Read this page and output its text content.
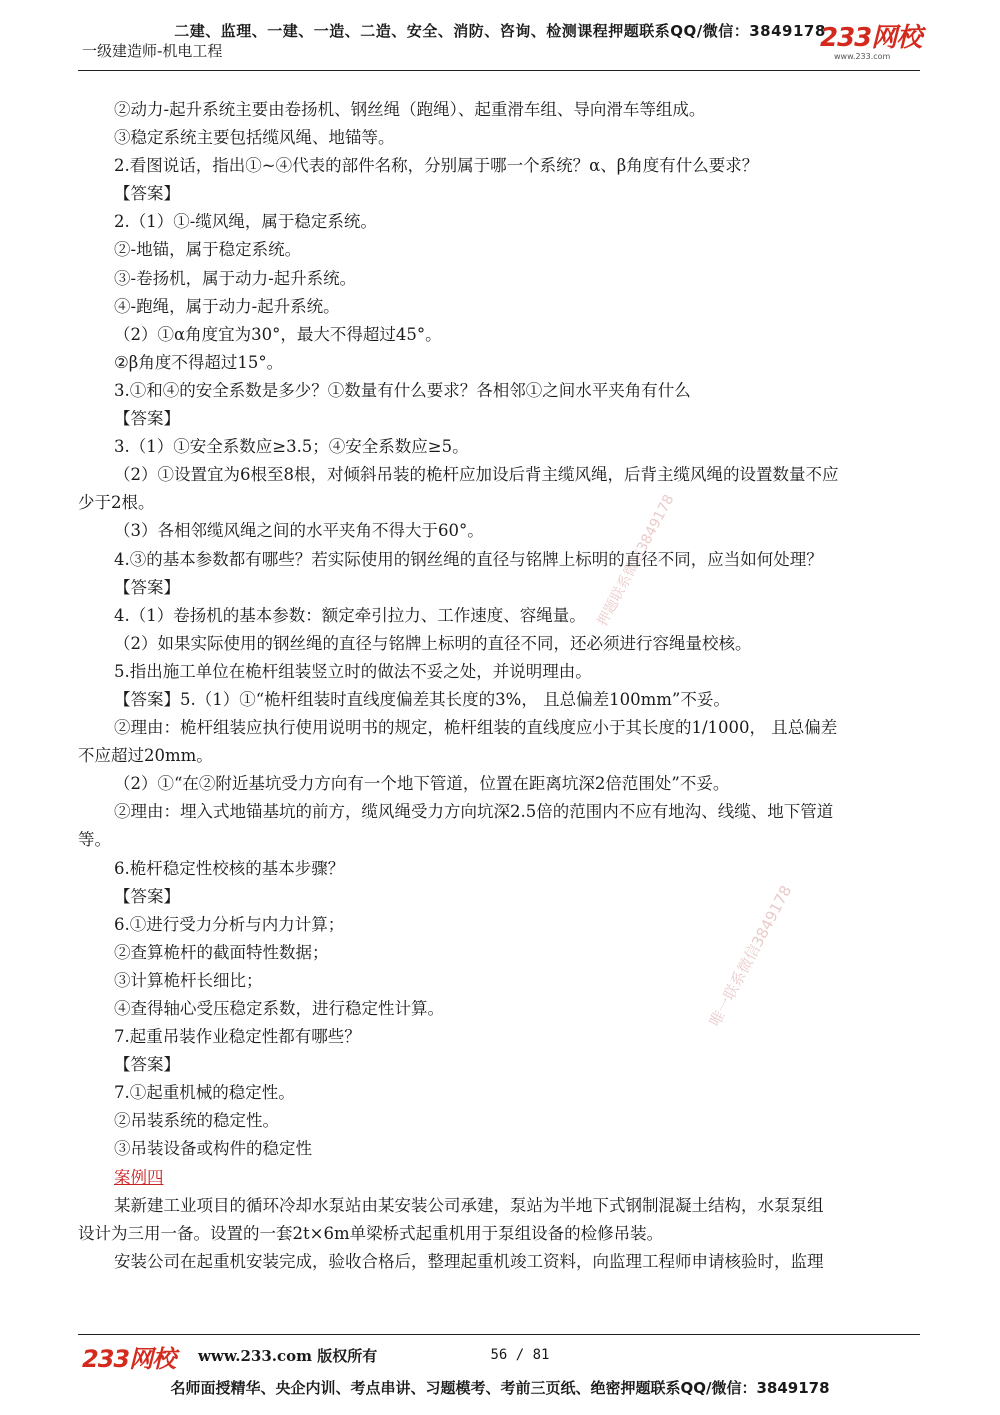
二建、监理、一建、一造、二造、安全、消防、咨询、检测课程押题联系QQ/微信：3849178
一级建造师-机电工程	233网校
www.233.com
押题联系微信3849178
唯一联系微信3849178
②动力-起升系统主要由卷扬机、钢丝绳（跑绳）、起重滑车组、导向滑车等组成。
③稳定系统主要包括缆风绳、地锚等。
2.看图说话，指出①~④代表的部件名称，分别属于哪一个系统？α、β角度有什么要求？
【答案】
2.（1）①-缆风绳，属于稳定系统。
②-地锚，属于稳定系统。
③-卷扬机，属于动力-起升系统。
④-跑绳，属于动力-起升系统。
（2）①α角度宜为30°，最大不得超过45°。
②β角度不得超过15°。
3.①和④的安全系数是多少？①数量有什么要求？各相邻①之间水平夹角有什么
【答案】
3.（1）①安全系数应≥3.5；④安全系数应≥5。
（2）①设置宜为6根至8根，对倾斜吊装的桅杆应加设后背主缆风绳，后背主缆风绳的设置数量不应
少于2根。
（3）各相邻缆风绳之间的水平夹角不得大于60°。
4.③的基本参数都有哪些？若实际使用的钢丝绳的直径与铭牌上标明的直径不同，应当如何处理？
【答案】
4.（1）卷扬机的基本参数：额定牵引拉力、工作速度、容绳量。
（2）如果实际使用的钢丝绳的直径与铭牌上标明的直径不同，还必须进行容绳量校核。
5.指出施工单位在桅杆组装竖立时的做法不妥之处，并说明理由。
【答案】5.（1）①“桅杆组装时直线度偏差其长度的3%， 且总偏差100mm”不妥。
②理由：桅杆组装应执行使用说明书的规定，桅杆组装的直线度应小于其长度的1/1000， 且总偏差
不应超过20mm。
（2）①“在②附近基坑受力方向有一个地下管道，位置在距离坑深2倍范围处”不妥。
②理由：埋入式地锚基坑的前方，缆风绳受力方向坑深2.5倍的范围内不应有地沟、线缆、地下管道
等。
6.桅杆稳定性校核的基本步骤？
【答案】
6.①进行受力分析与内力计算；
②查算桅杆的截面特性数据；
③计算桅杆长细比；
④查得轴心受压稳定系数，进行稳定性计算。
7.起重吊装作业稳定性都有哪些？
【答案】
7.①起重机械的稳定性。
②吊装系统的稳定性。
③吊装设备或构件的稳定性
案例四
某新建工业项目的循环冷却水泵站由某安装公司承建，泵站为半地下式钢制混凝土结构，水泵泵组
设计为三用一备。设置的一套2t×6m单梁桥式起重机用于泵组设备的检修吊装。
安装公司在起重机安装完成，验收合格后，整理起重机竣工资料，向监理工程师申请核验时，监理
233网校 www.233.com 版权所有	56 / 81
名师面授精华、央企内训、考点串讲、习题模考、考前三页纸、绝密押题联系QQ/微信：3849178
